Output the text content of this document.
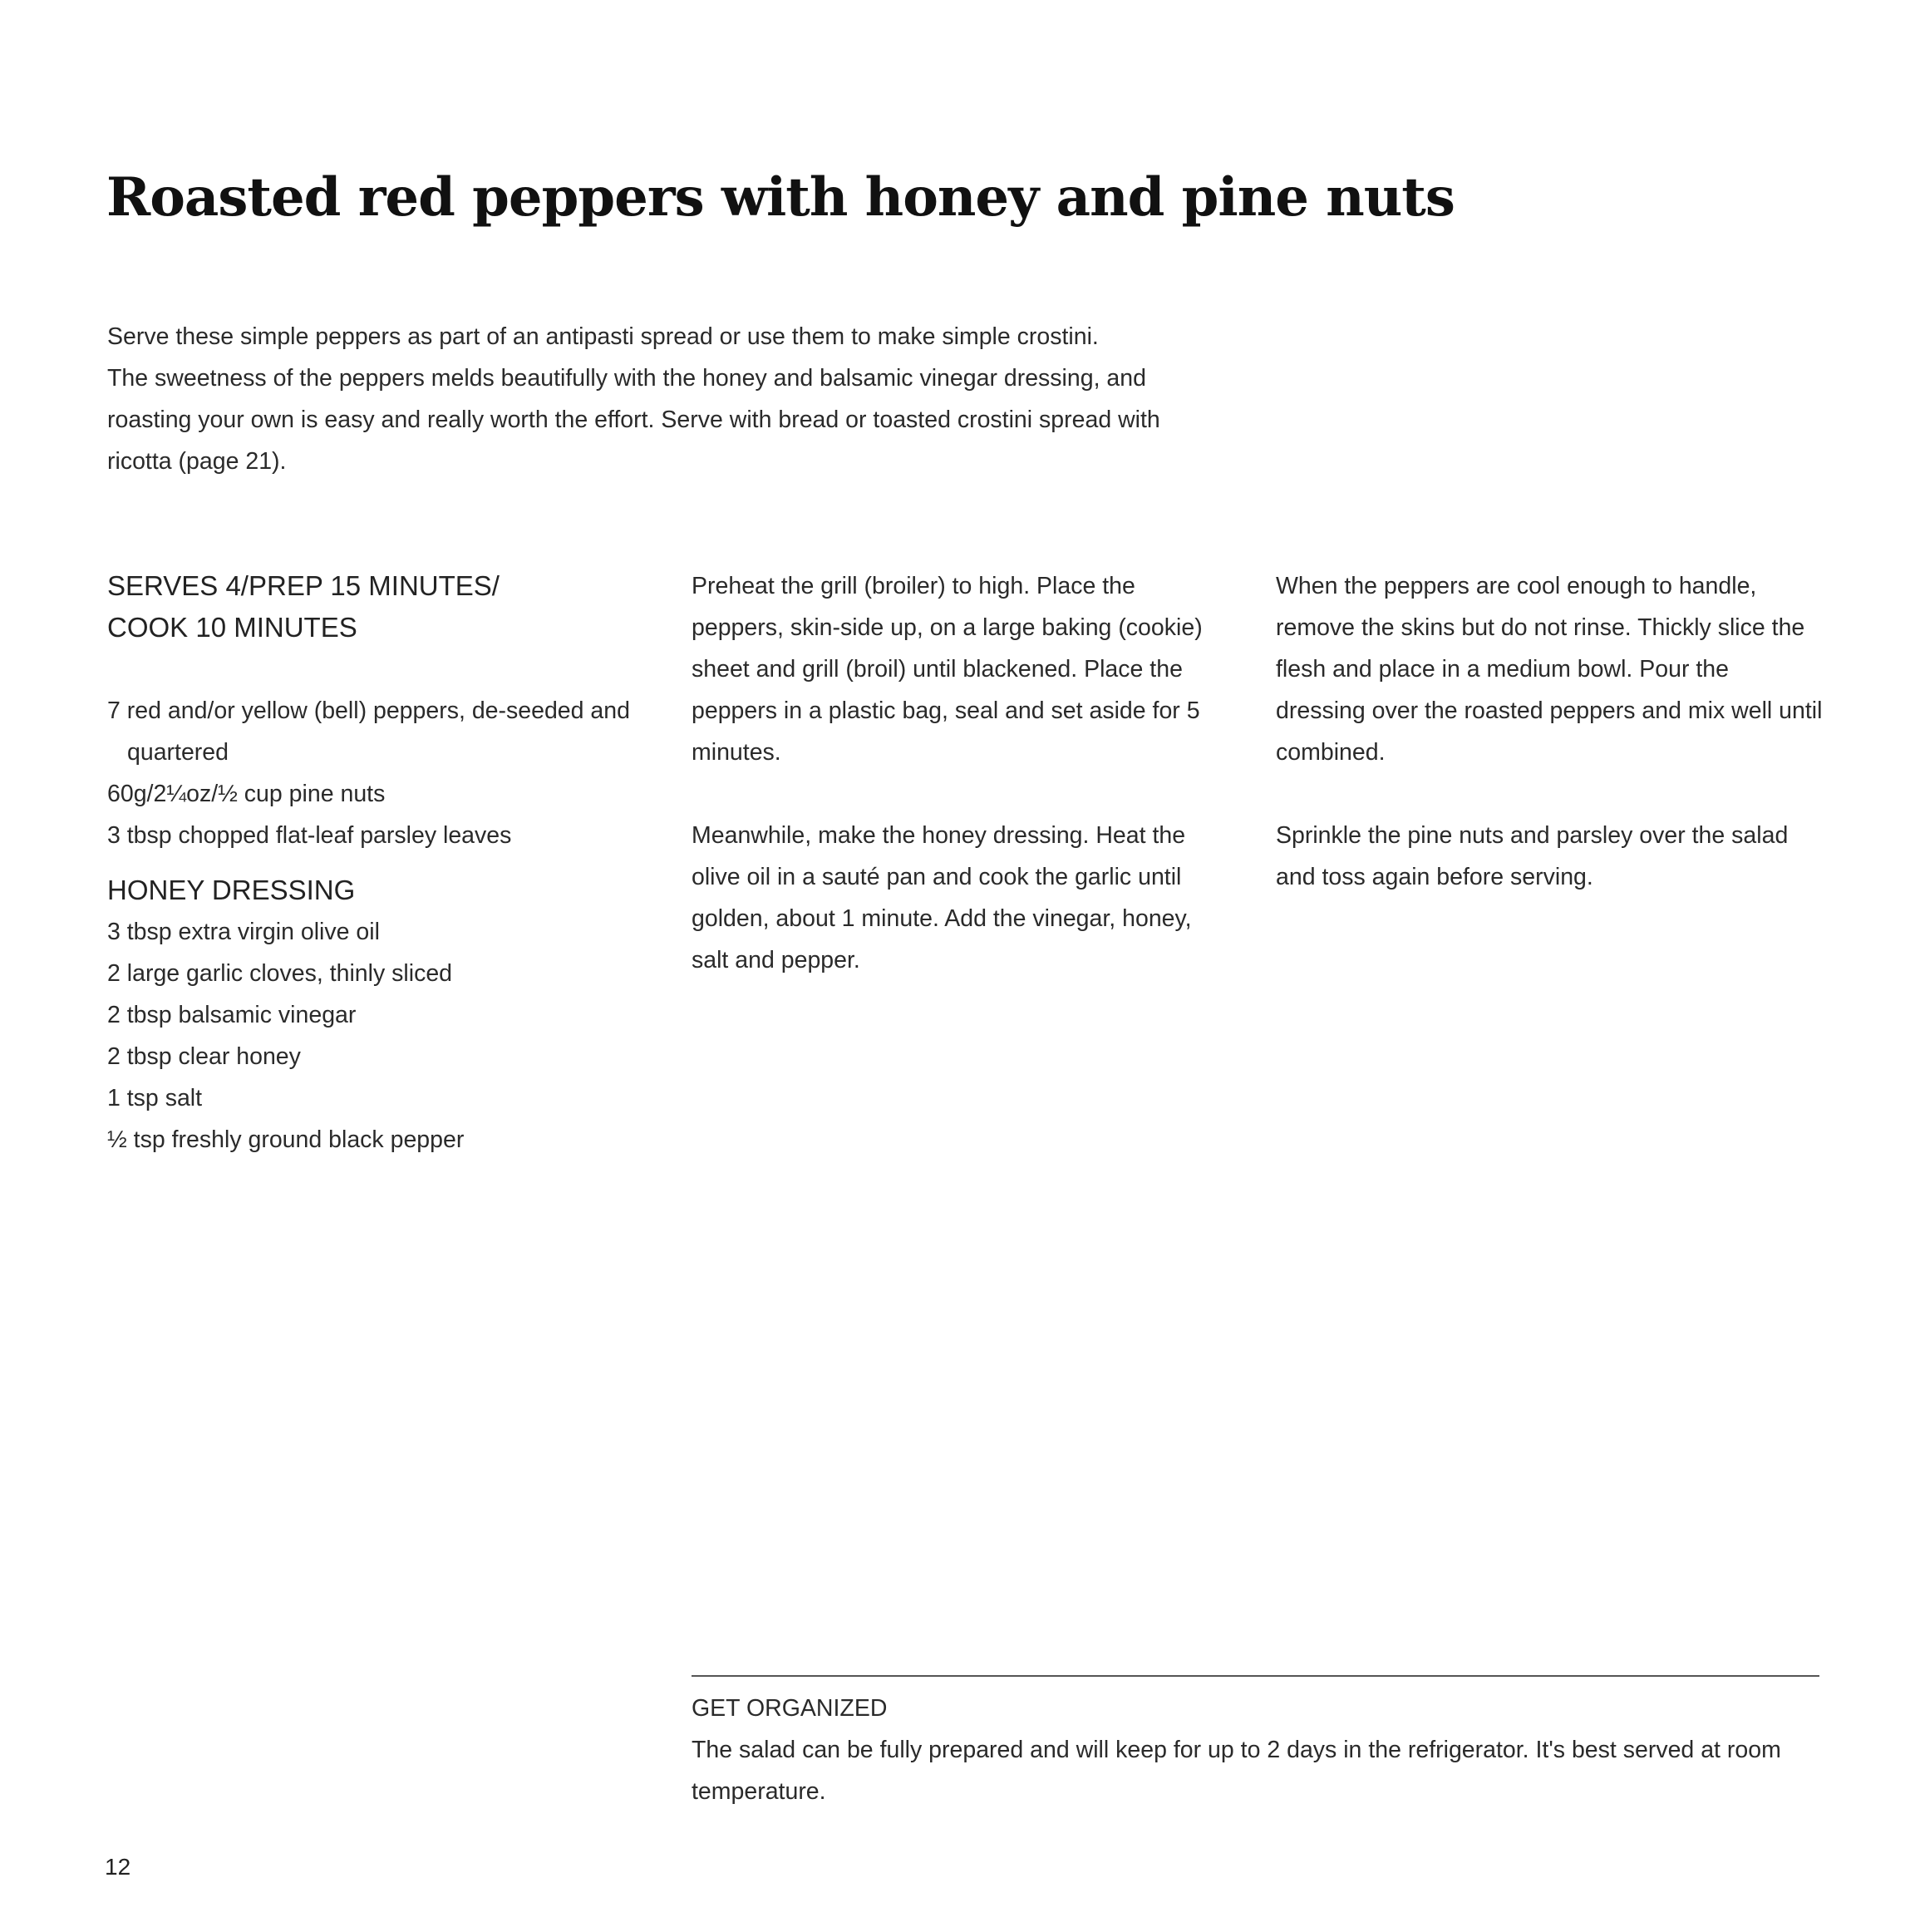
Roasted red peppers with honey and pine nuts
Serve these simple peppers as part of an antipasti spread or use them to make simple crostini.
The sweetness of the peppers melds beautifully with the honey and balsamic vinegar dressing, and
roasting your own is easy and really worth the effort. Serve with bread or toasted crostini spread with
ricotta (page 21).
SERVES 4/PREP 15 MINUTES/
COOK 10 MINUTES
7 red and/or yellow (bell) peppers, de-seeded and quartered
60g/2¼oz/½ cup pine nuts
3 tbsp chopped flat-leaf parsley leaves
HONEY DRESSING
3 tbsp extra virgin olive oil
2 large garlic cloves, thinly sliced
2 tbsp balsamic vinegar
2 tbsp clear honey
1 tsp salt
½ tsp freshly ground black pepper
Preheat the grill (broiler) to high. Place the peppers, skin-side up, on a large baking (cookie) sheet and grill (broil) until blackened. Place the peppers in a plastic bag, seal and set aside for 5 minutes.
Meanwhile, make the honey dressing. Heat the olive oil in a sauté pan and cook the garlic until golden, about 1 minute. Add the vinegar, honey, salt and pepper.
When the peppers are cool enough to handle, remove the skins but do not rinse. Thickly slice the flesh and place in a medium bowl. Pour the dressing over the roasted peppers and mix well until combined.
Sprinkle the pine nuts and parsley over the salad and toss again before serving.
GET ORGANIZED
The salad can be fully prepared and will keep for up to 2 days in the refrigerator. It's best served at room temperature.
12
